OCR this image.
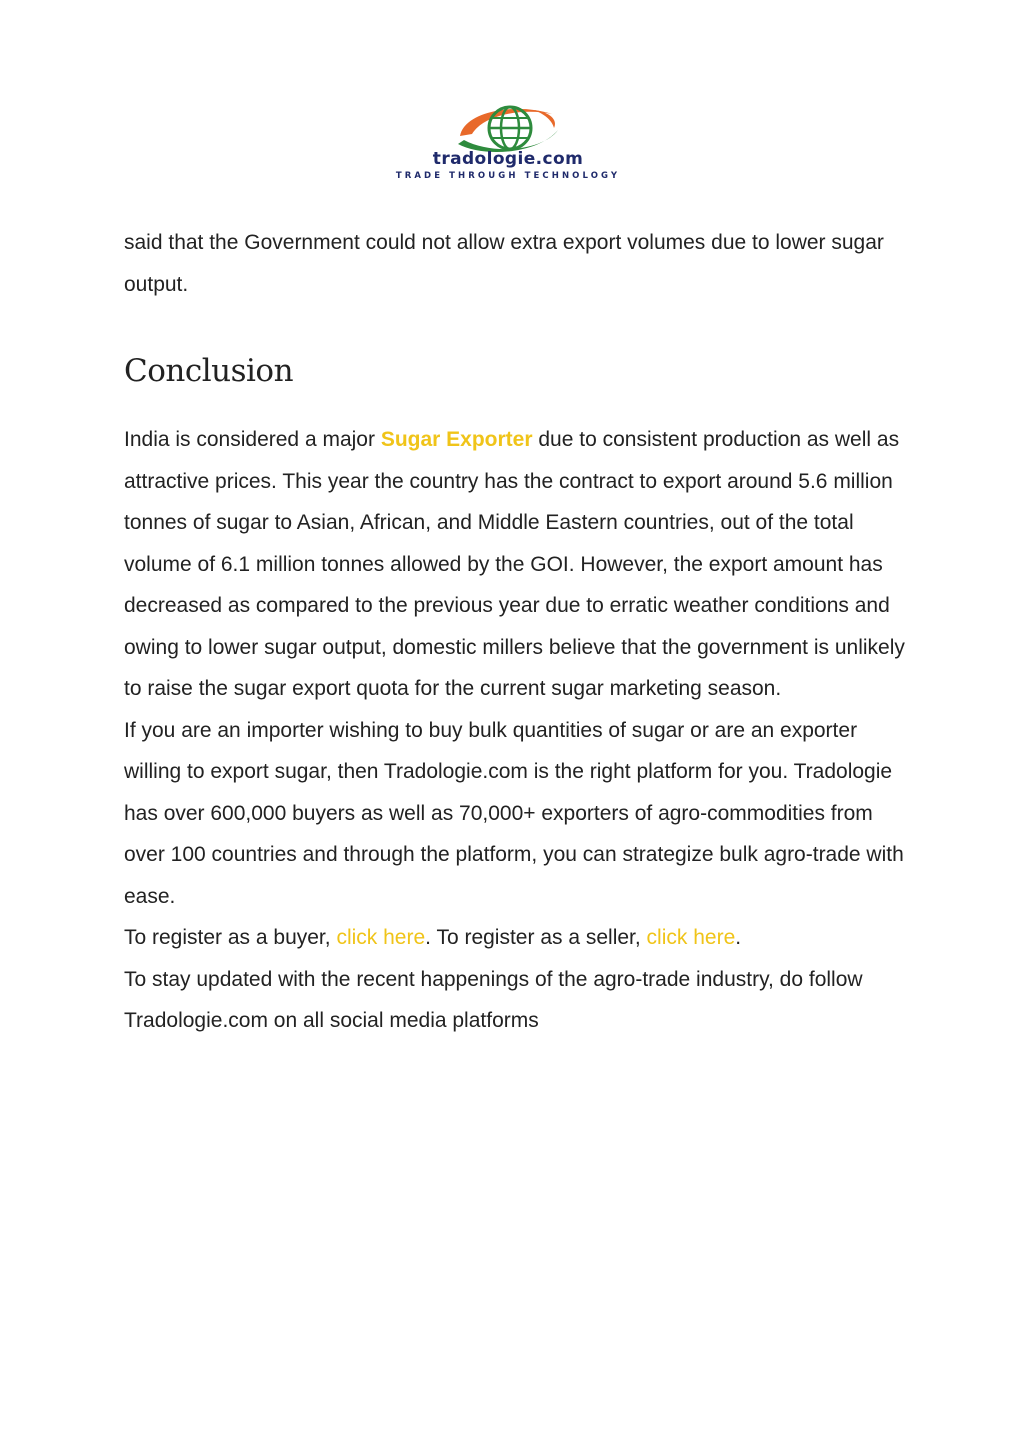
tradologie.com
TRADE THROUGH TECHNOLOGY

said that the Government could not allow extra export volumes due to lower sugar output.

Conclusion

India is considered a major Sugar Exporter due to consistent production as well as attractive prices. This year the country has the contract to export around 5.6 million tonnes of sugar to Asian, African, and Middle Eastern countries, out of the total volume of 6.1 million tonnes allowed by the GOI. However, the export amount has decreased as compared to the previous year due to erratic weather conditions and owing to lower sugar output, domestic millers believe that the government is unlikely to raise the sugar export quota for the current sugar marketing season.

If you are an importer wishing to buy bulk quantities of sugar or are an exporter willing to export sugar, then Tradologie.com is the right platform for you. Tradologie has over 600,000 buyers as well as 70,000+ exporters of agro-commodities from over 100 countries and through the platform, you can strategize bulk agro-trade with ease.

To register as a buyer, click here. To register as a seller, click here.

To stay updated with the recent happenings of the agro-trade industry, do follow Tradologie.com on all social media platforms
